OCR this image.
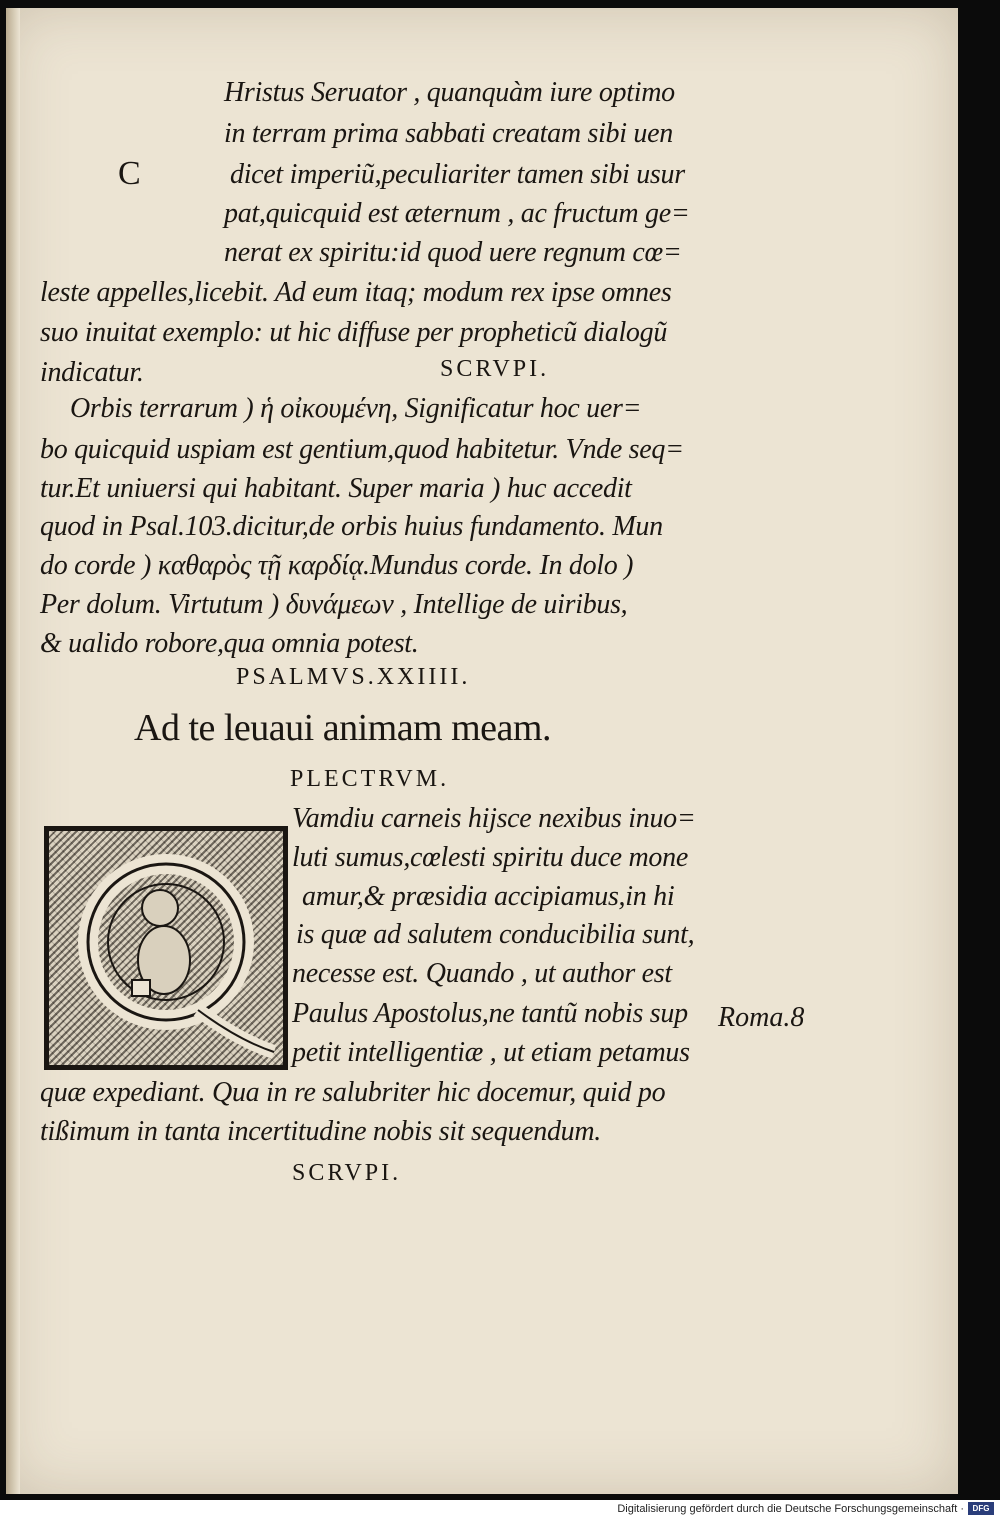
C
Hristus Seruator , quanquàm iure optimo
in terram prima sabbati creatam sibi uen
dicet imperiũ,peculiariter tamen sibi usur
pat,quicquid est æternum , ac fructum ge=
nerat ex spiritu:id quod uere regnum cœ=
leste appelles,licebit. Ad eum itaq; modum rex ipse omnes
suo inuitat exemplo: ut hic diffuse per propheticũ dialogũ
indicatur.	SCRVPI.
Orbis terrarum ) ἡ οἰκουμένη, Significatur hoc uer=
bo quicquid uspiam est gentium,quod habitetur. Vnde seq=
tur.Et uniuersi qui habitant. Super maria ) huc accedit
quod in Psal.103.dicitur,de orbis huius fundamento. Mun
do corde ) καθαρὸς τῇ καρδίᾳ.Mundus corde. In dolo )
Per dolum. Virtutum ) δυνάμεων , Intellige de uiribus,
& ualido robore,qua omnia potest.
PSALMVS.XXIIII.
Ad te leuaui animam meam.
PLECTRVM.
Vamdiu carneis hijsce nexibus inuo=
luti sumus,cœlesti spiritu duce mone
amur,& præsidia accipiamus,in hi
is quæ ad salutem conducibilia sunt,
necesse est. Quando , ut author est
Paulus Apostolus,ne tantũ nobis sup
petit intelligentiæ , ut etiam petamus
Roma.8
quæ expediant. Qua in re salubriter hic docemur, quid po
tißimum in tanta incertitudine nobis sit sequendum.
SCRVPI.
Digitalisierung gefördert durch die Deutsche Forschungsgemeinschaft ·	DFG
